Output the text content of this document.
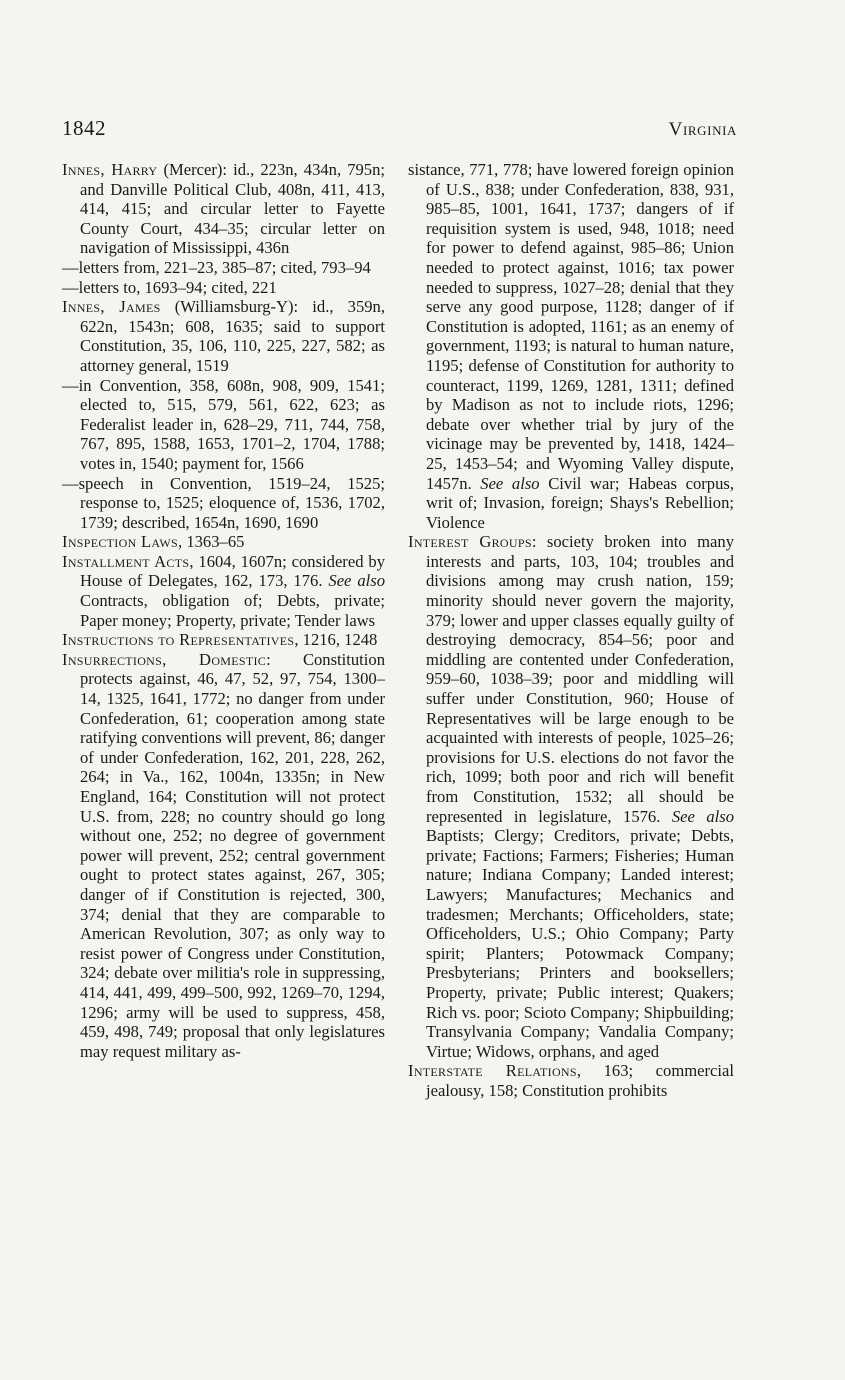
1842	Virginia

Innes, Harry (Mercer): id., 223n, 434n, 795n; and Danville Political Club, 408n, 411, 413, 414, 415; and circular letter to Fayette County Court, 434–35; circular letter on navigation of Mississippi, 436n

—letters from, 221–23, 385–87; cited, 793–94

—letters to, 1693–94; cited, 221

Innes, James (Williamsburg-Y): id., 359n, 622n, 1543n; 608, 1635; said to support Constitution, 35, 106, 110, 225, 227, 582; as attorney general, 1519

—in Convention, 358, 608n, 908, 909, 1541; elected to, 515, 579, 561, 622, 623; as Federalist leader in, 628–29, 711, 744, 758, 767, 895, 1588, 1653, 1701–2, 1704, 1788; votes in, 1540; payment for, 1566

—speech in Convention, 1519–24, 1525; response to, 1525; eloquence of, 1536, 1702, 1739; described, 1654n, 1690, 1690

Inspection Laws, 1363–65

Installment Acts, 1604, 1607n; considered by House of Delegates, 162, 173, 176. See also Contracts, obligation of; Debts, private; Paper money; Property, private; Tender laws

Instructions to Representatives, 1216, 1248

Insurrections, Domestic: Constitution protects against, 46, 47, 52, 97, 754, 1300–14, 1325, 1641, 1772; no danger from under Confederation, 61; cooperation among state ratifying conventions will prevent, 86; danger of under Confederation, 162, 201, 228, 262, 264; in Va., 162, 1004n, 1335n; in New England, 164; Constitution will not protect U.S. from, 228; no country should go long without one, 252; no degree of government power will prevent, 252; central government ought to protect states against, 267, 305; danger of if Constitution is rejected, 300, 374; denial that they are comparable to American Revolution, 307; as only way to resist power of Congress under Constitution, 324; debate over militia's role in suppressing, 414, 441, 499, 499–500, 992, 1269–70, 1294, 1296; army will be used to suppress, 458, 459, 498, 749; proposal that only legislatures may request military as-

sistance, 771, 778; have lowered foreign opinion of U.S., 838; under Confederation, 838, 931, 985–85, 1001, 1641, 1737; dangers of if requisition system is used, 948, 1018; need for power to defend against, 985–86; Union needed to protect against, 1016; tax power needed to suppress, 1027–28; denial that they serve any good purpose, 1128; danger of if Constitution is adopted, 1161; as an enemy of government, 1193; is natural to human nature, 1195; defense of Constitution for authority to counteract, 1199, 1269, 1281, 1311; defined by Madison as not to include riots, 1296; debate over whether trial by jury of the vicinage may be prevented by, 1418, 1424–25, 1453–54; and Wyoming Valley dispute, 1457n. See also Civil war; Habeas corpus, writ of; Invasion, foreign; Shays's Rebellion; Violence

Interest Groups: society broken into many interests and parts, 103, 104; troubles and divisions among may crush nation, 159; minority should never govern the majority, 379; lower and upper classes equally guilty of destroying democracy, 854–56; poor and middling are contented under Confederation, 959–60, 1038–39; poor and middling will suffer under Constitution, 960; House of Representatives will be large enough to be acquainted with interests of people, 1025–26; provisions for U.S. elections do not favor the rich, 1099; both poor and rich will benefit from Constitution, 1532; all should be represented in legislature, 1576. See also Baptists; Clergy; Creditors, private; Debts, private; Factions; Farmers; Fisheries; Human nature; Indiana Company; Landed interest; Lawyers; Manufactures; Mechanics and tradesmen; Merchants; Officeholders, state; Officeholders, U.S.; Ohio Company; Party spirit; Planters; Potowmack Company; Presbyterians; Printers and booksellers; Property, private; Public interest; Quakers; Rich vs. poor; Scioto Company; Shipbuilding; Transylvania Company; Vandalia Company; Virtue; Widows, orphans, and aged

Interstate Relations, 163; commercial jealousy, 158; Constitution prohibits
